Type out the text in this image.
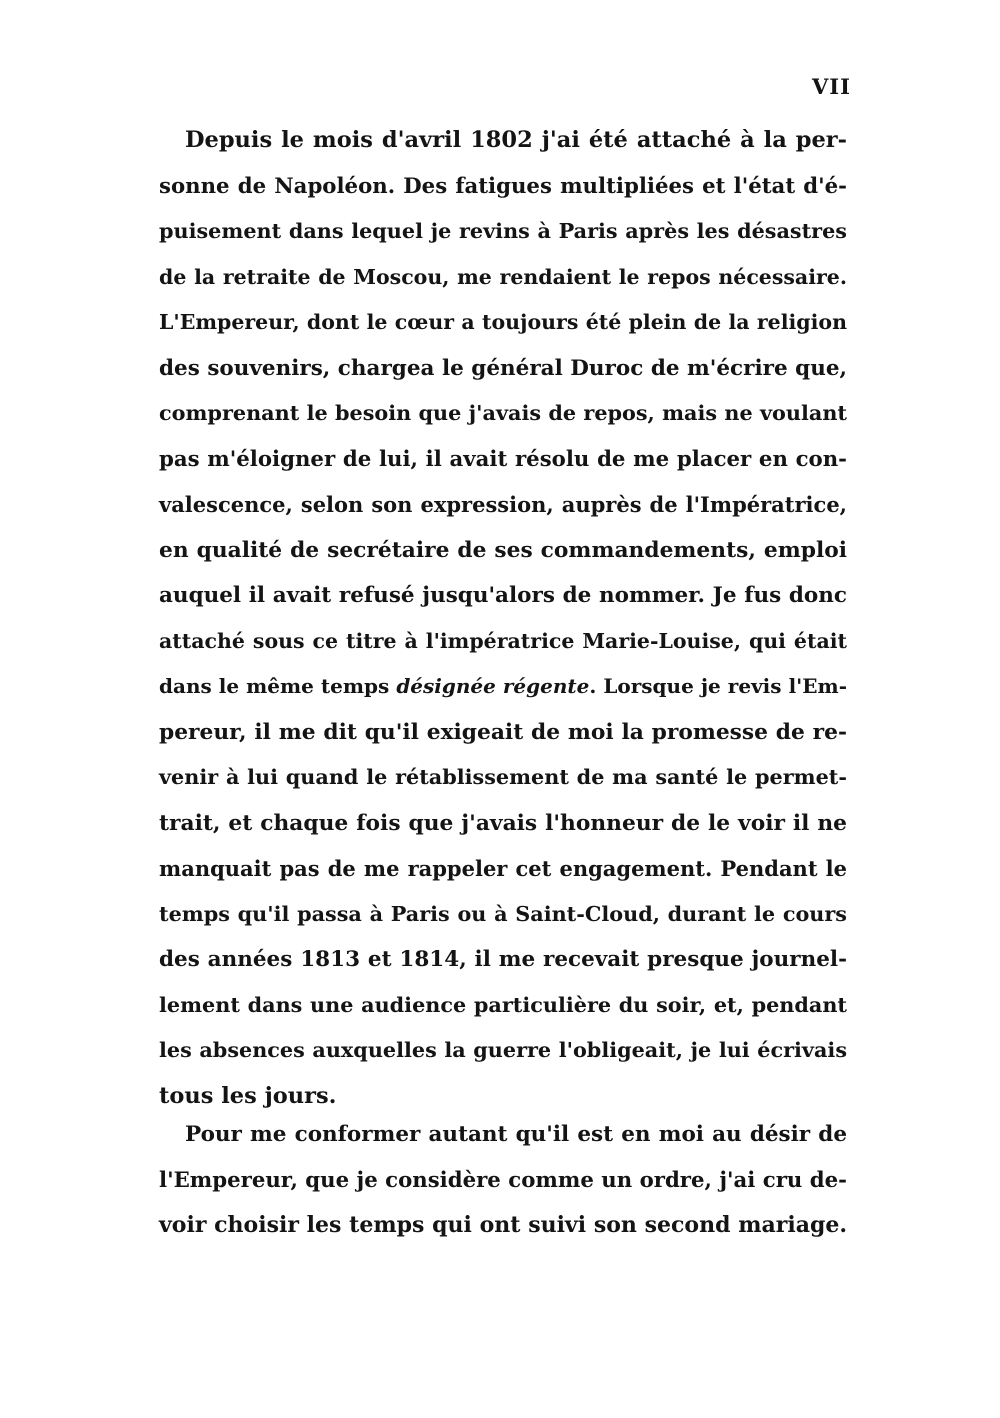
VII
Depuis le mois d'avril 1802 j'ai été attaché à la per-
sonne de Napoléon. Des fatigues multipliées et l'état d'é-
puisement dans lequel je revins à Paris après les désastres
de la retraite de Moscou, me rendaient le repos nécessaire.
L'Empereur, dont le cœur a toujours été plein de la religion
des souvenirs, chargea le général Duroc de m'écrire que,
comprenant le besoin que j'avais de repos, mais ne voulant
pas m'éloigner de lui, il avait résolu de me placer en con-
valescence, selon son expression, auprès de l'Impératrice,
en qualité de secrétaire de ses commandements, emploi
auquel il avait refusé jusqu'alors de nommer. Je fus donc
attaché sous ce titre à l'impératrice Marie-Louise, qui était
dans le même temps désignée régente. Lorsque je revis l'Em-
pereur, il me dit qu'il exigeait de moi la promesse de re-
venir à lui quand le rétablissement de ma santé le permet-
trait, et chaque fois que j'avais l'honneur de le voir il ne
manquait pas de me rappeler cet engagement. Pendant le
temps qu'il passa à Paris ou à Saint-Cloud, durant le cours
des années 1813 et 1814, il me recevait presque journel-
lement dans une audience particulière du soir, et, pendant
les absences auxquelles la guerre l'obligeait, je lui écrivais
tous les jours.
Pour me conformer autant qu'il est en moi au désir de
l'Empereur, que je considère comme un ordre, j'ai cru de-
voir choisir les temps qui ont suivi son second mariage.
